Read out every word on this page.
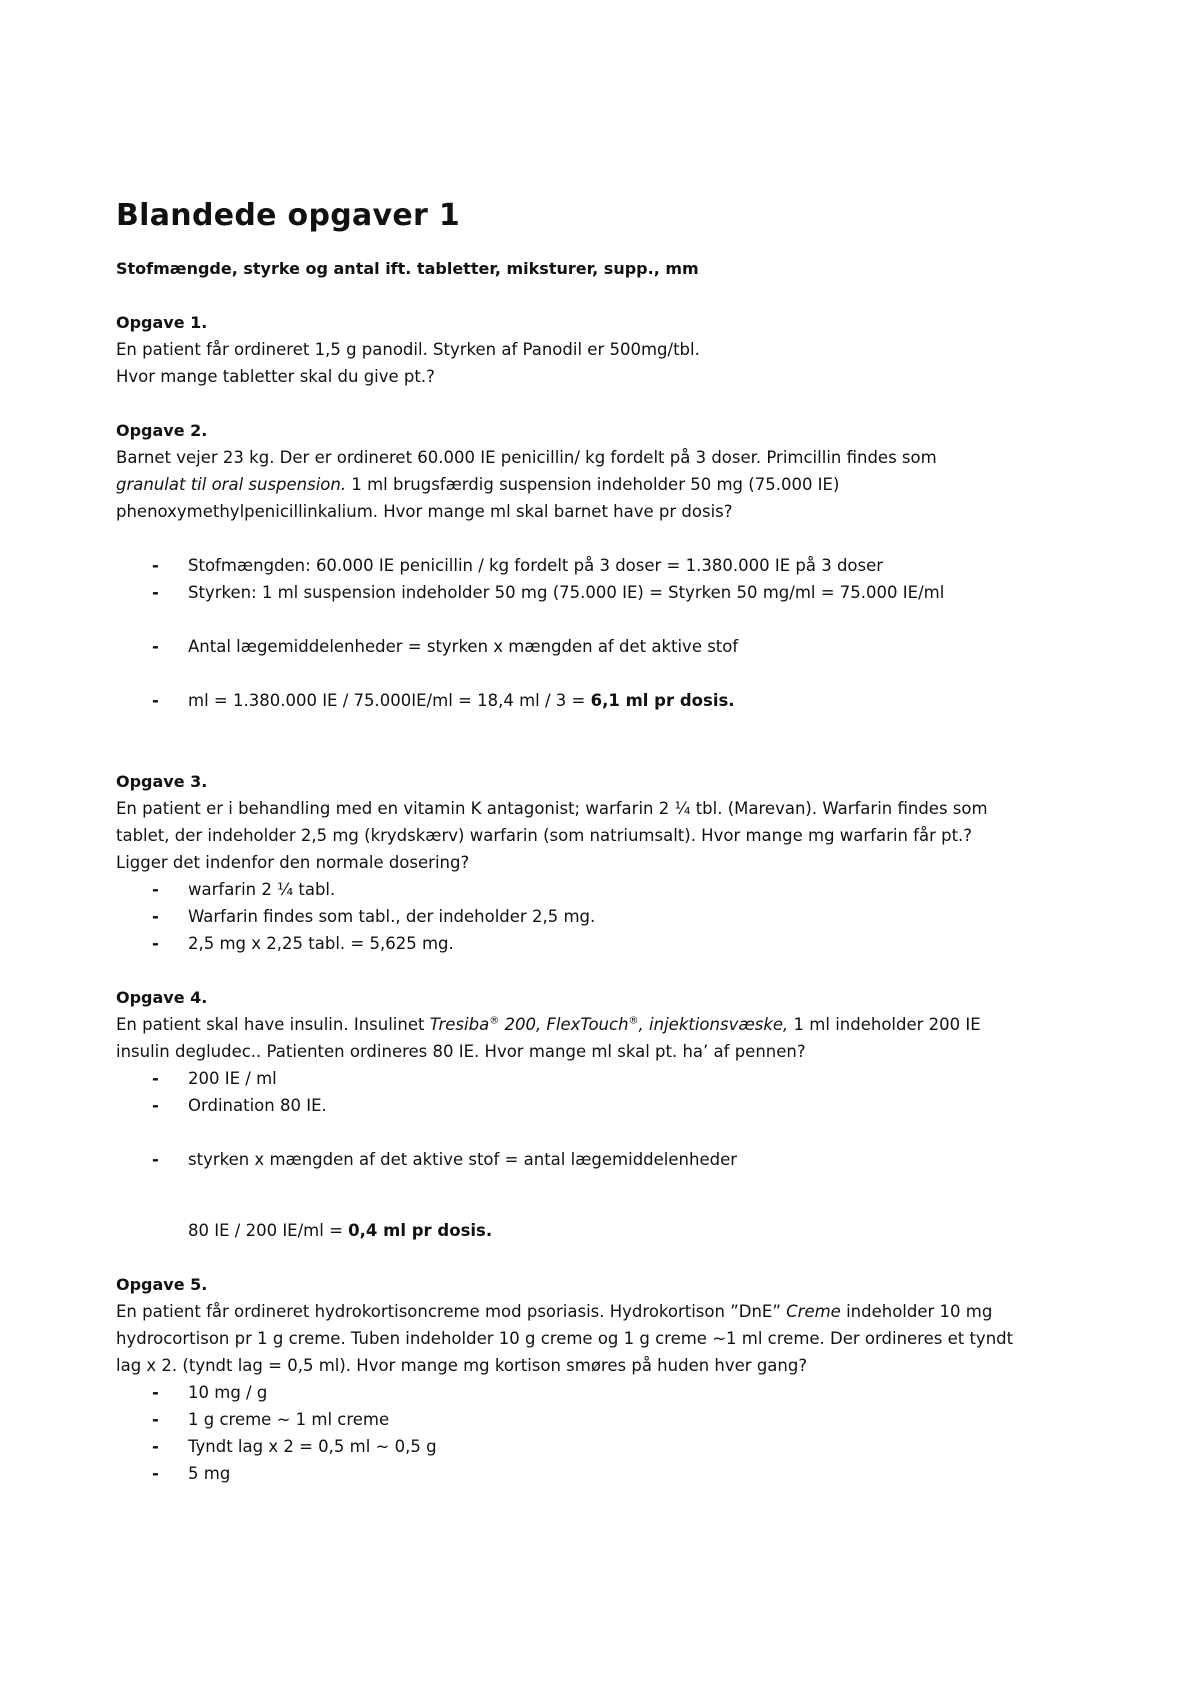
Blandede opgaver 1

Stofmængde, styrke og antal ift. tabletter, miksturer, supp., mm

Opgave 1.

En patient får ordineret 1,5 g panodil. Styrken af Panodil er 500mg/tbl.

Hvor mange tabletter skal du give pt.?

Opgave 2.

Barnet vejer 23 kg. Der er ordineret 60.000 IE penicillin/ kg fordelt på 3 doser. Primcillin findes som

granulat til oral suspension. 1 ml brugsfærdig suspension indeholder 50 mg (75.000 IE)

phenoxymethylpenicillinkalium. Hvor mange ml skal barnet have pr dosis?

- Stofmængden: 60.000 IE penicillin / kg fordelt på 3 doser = 1.380.000 IE på 3 doser
- Styrken: 1 ml suspension indeholder 50 mg (75.000 IE) = Styrken 50 mg/ml = 75.000 IE/ml
- Antal lægemiddelenheder = styrken x mængden af det aktive stof
- ml = 1.380.000 IE / 75.000IE/ml = 18,4 ml / 3 = 6,1 ml pr dosis.
Opgave 3.

En patient er i behandling med en vitamin K antagonist; warfarin 2 ¼ tbl. (Marevan). Warfarin findes som

tablet, der indeholder 2,5 mg (krydskærv) warfarin (som natriumsalt). Hvor mange mg warfarin får pt.?

Ligger det indenfor den normale dosering?

- warfarin 2 ¼ tabl.
- Warfarin findes som tabl., der indeholder 2,5 mg.
- 2,5 mg x 2,25 tabl. = 5,625 mg.
Opgave 4.

En patient skal have insulin. Insulinet Tresiba® 200, FlexTouch®, injektionsvæske, 1 ml indeholder 200 IE

insulin degludec.. Patienten ordineres 80 IE. Hvor mange ml skal pt. ha’ af pennen?

- 200 IE / ml
- Ordination 80 IE.
- styrken x mængden af det aktive stof = antal lægemiddelenheder

80 IE / 200 IE/ml = 0,4 ml pr dosis.

Opgave 5.

En patient får ordineret hydrokortisoncreme mod psoriasis. Hydrokortison ”DnE” Creme indeholder 10 mg

hydrocortison pr 1 g creme. Tuben indeholder 10 g creme og 1 g creme ~1 ml creme. Der ordineres et tyndt

lag x 2. (tyndt lag = 0,5 ml). Hvor mange mg kortison smøres på huden hver gang?

- 10 mg / g
- 1 g creme ~ 1 ml creme
- Tyndt lag x 2 = 0,5 ml ~ 0,5 g
- 5 mg
